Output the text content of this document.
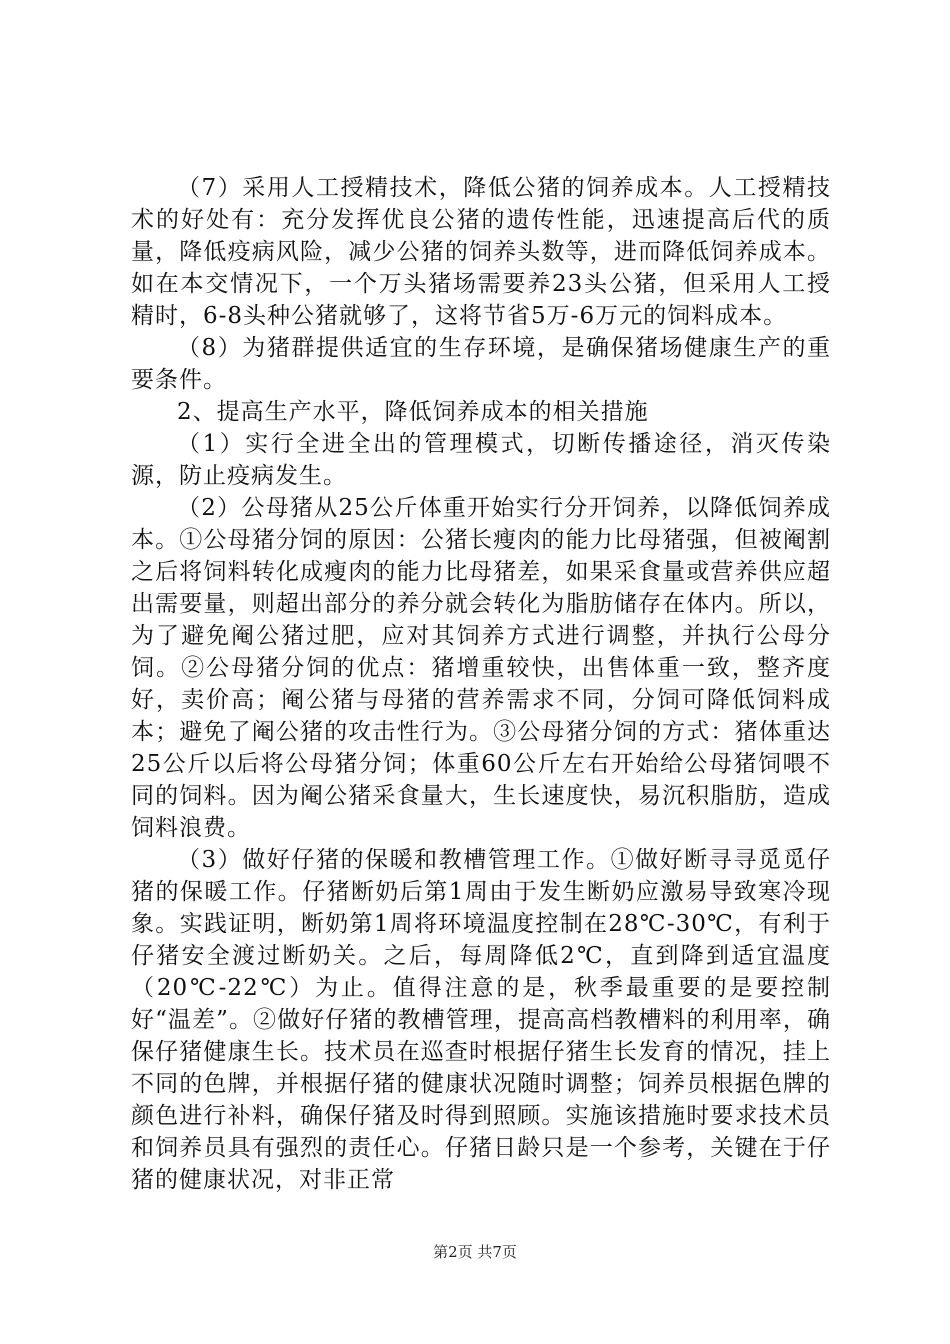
（7）采用人工授精技术，降低公猪的饲养成本。人工授精技术的好处有：充分发挥优良公猪的遗传性能，迅速提高后代的质量，降低疫病风险，减少公猪的饲养头数等，进而降低饲养成本。如在本交情况下，一个万头猪场需要养23头公猪，但采用人工授精时，6-8头种公猪就够了，这将节省5万-6万元的饲料成本。

（8）为猪群提供适宜的生存环境，是确保猪场健康生产的重要条件。

2、提高生产水平，降低饲养成本的相关措施

（1）实行全进全出的管理模式，切断传播途径，消灭传染源，防止疫病发生。

（2）公母猪从25公斤体重开始实行分开饲养，以降低饲养成本。①公母猪分饲的原因：公猪长瘦肉的能力比母猪强，但被阉割之后将饲料转化成瘦肉的能力比母猪差，如果采食量或营养供应超出需要量，则超出部分的养分就会转化为脂肪储存在体内。所以，为了避免阉公猪过肥，应对其饲养方式进行调整，并执行公母分饲。②公母猪分饲的优点：猪增重较快，出售体重一致，整齐度好，卖价高；阉公猪与母猪的营养需求不同，分饲可降低饲料成本；避免了阉公猪的攻击性行为。③公母猪分饲的方式：猪体重达25公斤以后将公母猪分饲；体重60公斤左右开始给公母猪饲喂不同的饲料。因为阉公猪采食量大，生长速度快，易沉积脂肪，造成饲料浪费。

（3）做好仔猪的保暖和教槽管理工作。①做好断寻寻觅觅仔猪的保暖工作。仔猪断奶后第1周由于发生断奶应激易导致寒冷现象。实践证明，断奶第1周将环境温度控制在28℃-30℃，有利于仔猪安全渡过断奶关。之后，每周降低2℃，直到降到适宜温度（20℃-22℃）为止。值得注意的是，秋季最重要的是要控制好“温差”。②做好仔猪的教槽管理，提高高档教槽料的利用率，确保仔猪健康生长。技术员在巡查时根据仔猪生长发育的情况，挂上不同的色牌，并根据仔猪的健康状况随时调整；饲养员根据色牌的颜色进行补料，确保仔猪及时得到照顾。实施该措施时要求技术员和饲养员具有强烈的责任心。仔猪日龄只是一个参考，关键在于仔猪的健康状况，对非正常

第2页 共7页
